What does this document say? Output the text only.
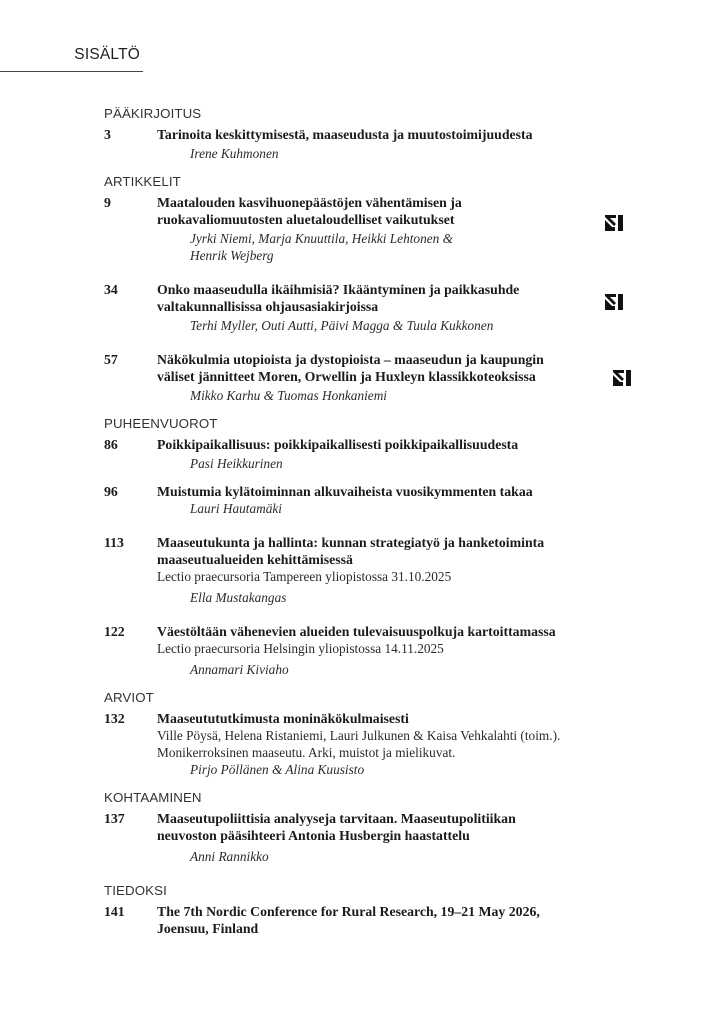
SISÄLTÖ
PÄÄKIRJOITUS
3	Tarinoita keskittymisestä, maaseudusta ja muutostoimijuudesta
Irene Kuhmonen
ARTIKKELIT
9	Maatalouden kasvihuonepäästöjen vähentämisen ja
ruokavaliomuutosten aluetaloudelliset vaikutukset
Jyrki Niemi, Marja Knuuttila, Heikki Lehtonen &
Henrik Wejberg
34	Onko maaseudulla ikäihmisiä? Ikääntyminen ja paikkasuhde
valtakunnallisissa ohjausasiakirjoissa
Terhi Myller, Outi Autti, Päivi Magga & Tuula Kukkonen
57	Näkökulmia utopioista ja dystopioista – maaseudun ja kaupungin
väliset jännitteet Moren, Orwellin ja Huxleyn klassikkoteoksissa
Mikko Karhu & Tuomas Honkaniemi
PUHEENVUOROT
86	Poikkipaikallisuus: poikkipaikallisesti poikkipaikallisuudesta
Pasi Heikkurinen
96	Muistumia kylätoiminnan alkuvaiheista vuosikymmenten takaa
Lauri Hautamäki
113	Maaseutukunta ja hallinta: kunnan strategiatyö ja hanketoiminta
maaseutualueiden kehittämisessä
Lectio praecursoria Tampereen yliopistossa 31.10.2025
Ella Mustakangas
122	Väestöltään vähenevien alueiden tulevaisuuspolkuja kartoittamassa
Lectio praecursoria Helsingin yliopistossa 14.11.2025
Annamari Kiviaho
ARVIOT
132	Maaseutututkimusta moninäkökulmaisesti
Ville Pöysä, Helena Ristaniemi, Lauri Julkunen & Kaisa Vehkalahti (toim.).
Monikerroksinen maaseutu. Arki, muistot ja mielikuvat.
Pirjo Pöllänen & Alina Kuusisto
KOHTAAMINEN
137	Maaseutupoliittisia analyyseja tarvitaan. Maaseutupolitiikan
neuvoston pääsihteeri Antonia Husbergin haastattelu
Anni Rannikko
TIEDOKSI
141	The 7th Nordic Conference for Rural Research, 19–21 May 2026,
Joensuu, Finland
